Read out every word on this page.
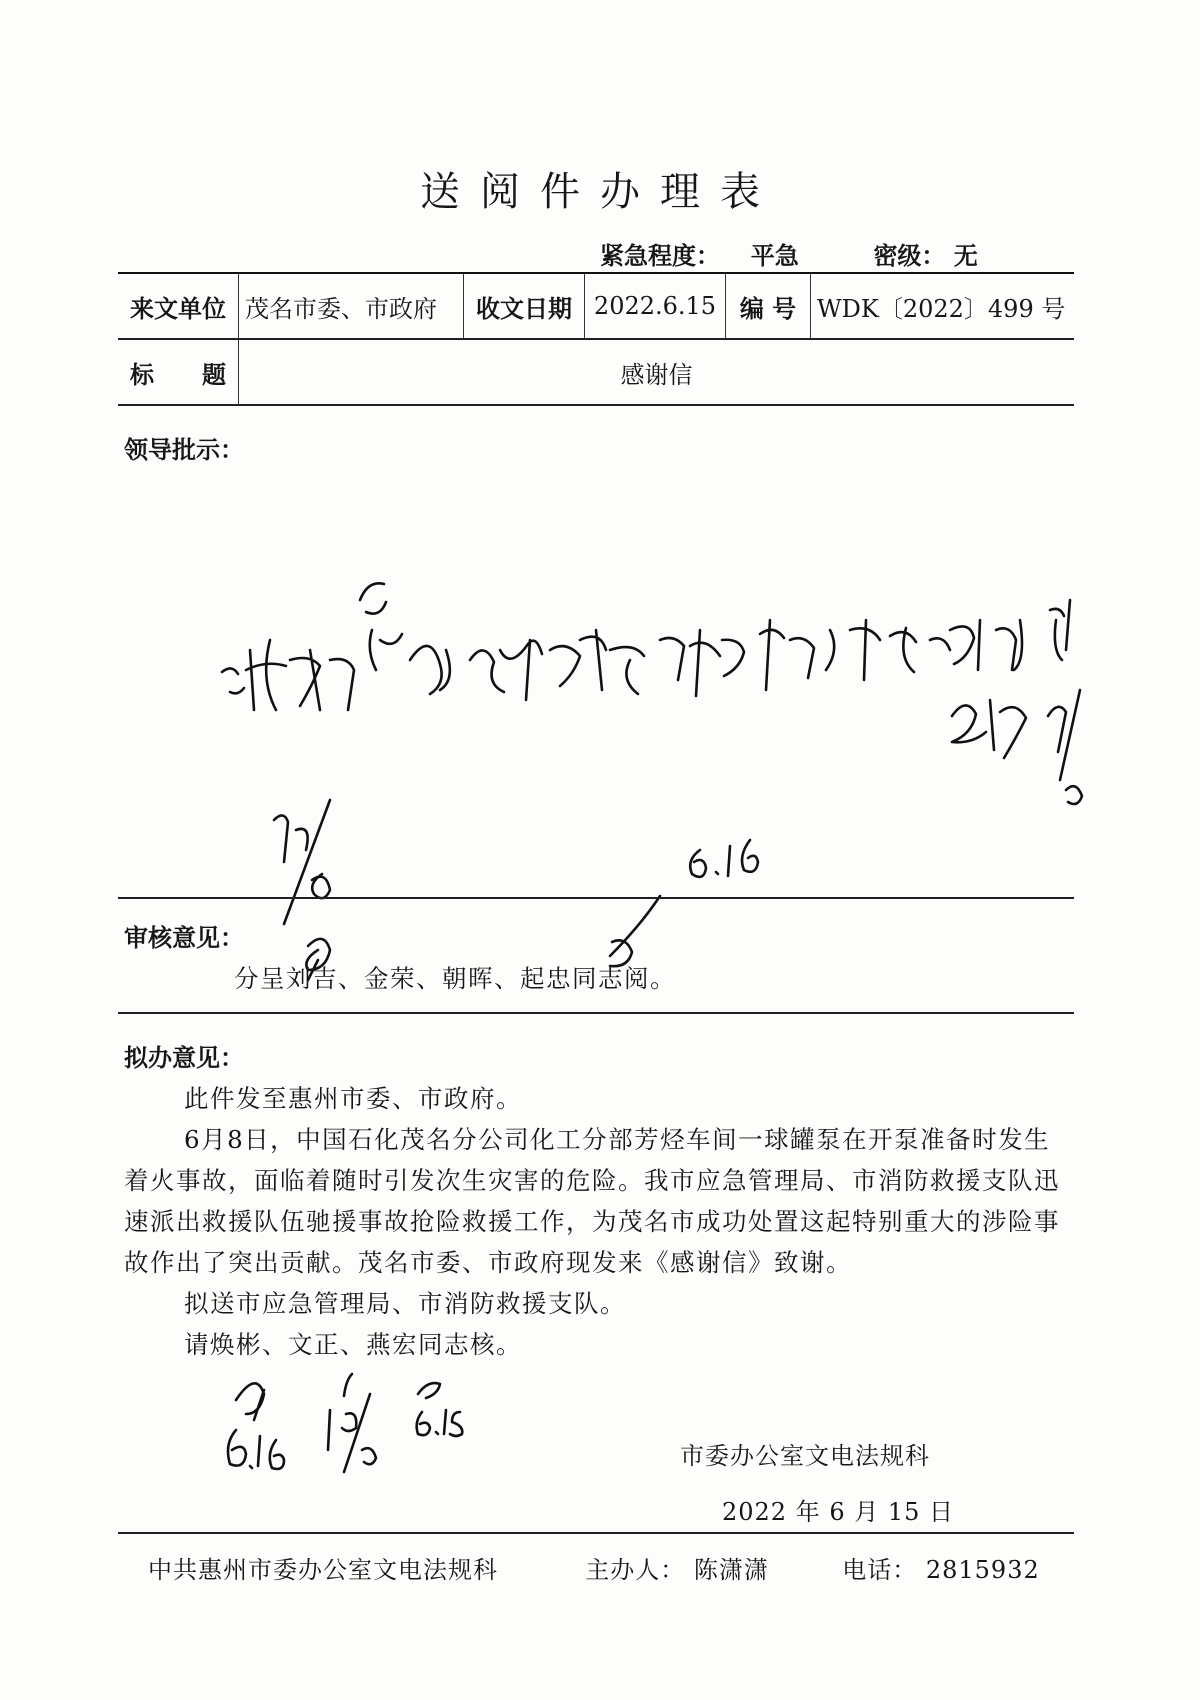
送阅件办理表
紧急程度： 平急	密级： 无
来文单位	茂名市委、市政府	收文日期	2022.6.15	编 号	WDK〔2022〕499 号
标　　题	感谢信				
领导批示：
审核意见：
分呈刘吉、金荣、朝晖、起忠同志阅。
拟办意见：

此件发至惠州市委、市政府。

6月8日，中国石化茂名分公司化工分部芳烃车间一球罐泵在开泵准备时发生着火事故，面临着随时引发次生灾害的危险。我市应急管理局、市消防救援支队迅速派出救援队伍驰援事故抢险救援工作，为茂名市成功处置这起特别重大的涉险事故作出了突出贡献。茂名市委、市政府现发来《感谢信》致谢。

拟送市应急管理局、市消防救援支队。

请焕彬、文正、燕宏同志核。

市委办公室文电法规科
2022 年 6 月 15 日
中共惠州市委办公室文电法规科	主办人： 陈潇潇	电话： 2815932
